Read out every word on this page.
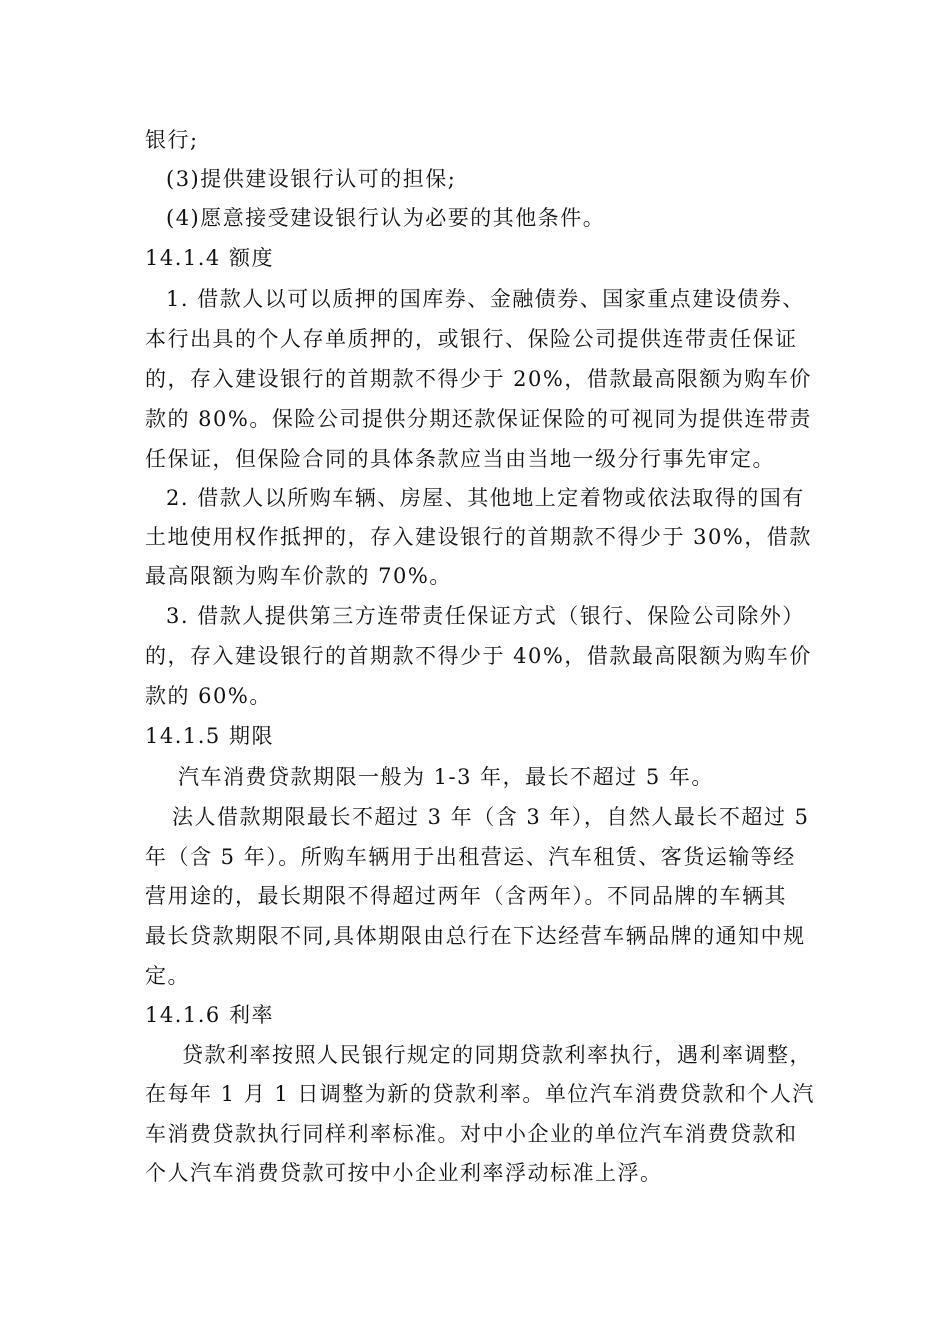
银行;
(3)提供建设银行认可的担保;
(4)愿意接受建设银行认为必要的其他条件。
14.1.4 额度
1. 借款人以可以质押的国库券、金融债券、国家重点建设债券、
本行出具的个人存单质押的，或银行、保险公司提供连带责任保证
的，存入建设银行的首期款不得少于 20%，借款最高限额为购车价
款的 80%。保险公司提供分期还款保证保险的可视同为提供连带责
任保证，但保险合同的具体条款应当由当地一级分行事先审定。
2. 借款人以所购车辆、房屋、其他地上定着物或依法取得的国有
土地使用权作抵押的，存入建设银行的首期款不得少于 30%，借款
最高限额为购车价款的 70%。
3. 借款人提供第三方连带责任保证方式（银行、保险公司除外）
的，存入建设银行的首期款不得少于 40%，借款最高限额为购车价
款的 60%。
14.1.5 期限
汽车消费贷款期限一般为 1-3 年，最长不超过 5 年。
法人借款期限最长不超过 3 年（含 3 年），自然人最长不超过 5
年（含 5 年）。所购车辆用于出租营运、汽车租赁、客货运输等经
营用途的，最长期限不得超过两年（含两年）。不同品牌的车辆其
最长贷款期限不同,具体期限由总行在下达经营车辆品牌的通知中规
定。
14.1.6 利率
贷款利率按照人民银行规定的同期贷款利率执行，遇利率调整，
在每年 1 月 1 日调整为新的贷款利率。单位汽车消费贷款和个人汽
车消费贷款执行同样利率标准。对中小企业的单位汽车消费贷款和
个人汽车消费贷款可按中小企业利率浮动标准上浮。
